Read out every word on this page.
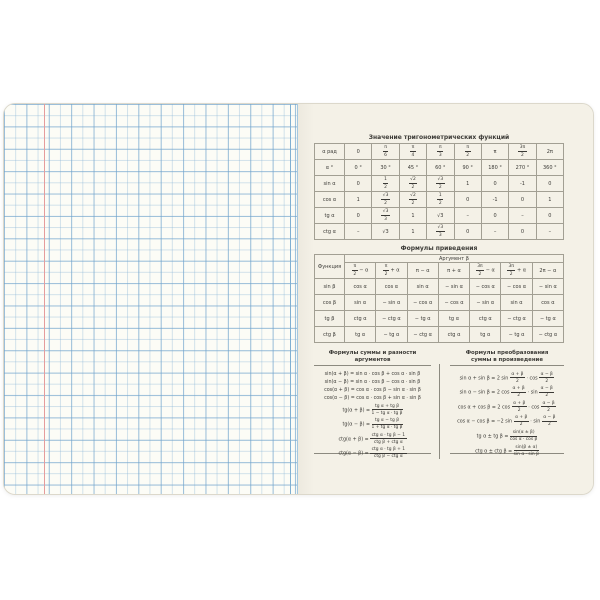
Значение тригонометрических функций
α рад	0	$\frac{\pi}{6}$	$\frac{\pi}{4}$	$\frac{\pi}{3}$	$\frac{\pi}{2}$	π	$\frac{3\pi}{2}$	2π
α °	0 °	30 °	45 °	60 °	90 °	180 °	270 °	360 °
sin α	0	$\frac{1}{2}$	$\frac{√2}{2}$	$\frac{√3}{2}$	1	0	-1	0
cos α	1	$\frac{√3}{2}$	$\frac{√2}{2}$	$\frac{1}{2}$	0	-1	0	1
tg α	0	$\frac{√3}{3}$	1	√3	–	0	–	0
ctg α	–	√3	1	$\frac{√3}{3}$	0	–	0	–
Формулы приведения
Функция	Аргумент β						

	$\frac{\pi}{2} - \alpha$	$\frac{\pi}{2} + \alpha$	π − α	π + α	$\frac{3\pi}{2} - \alpha$	$\frac{3\pi}{2} + \alpha$	2π − α
sin β	cos α	cos α	sin α	− sin α	− cos α	− cos α	− sin α
cos β	sin α	− sin α	− cos α	− cos α	− sin α	sin α	cos α
tg β	ctg α	− ctg α	− tg α	tg α	ctg α	− ctg α	− tg α
ctg β	tg α	− tg α	− ctg α	ctg α	tg α	− tg α	− ctg α
Формулы суммы и разности аргументов
sin(α + β) = sin α · cos β + cos α · sin β
sin(α − β) = sin α · cos β − cos α · sin β
cos(α + β) = cos α · cos β − sin α · sin β
cos(α − β) = cos α · cos β + sin α · sin β
$tg(\alpha + \beta) = \frac{\text{tg α + tg β}}{\text{1 − tg α · tg β}}$
$tg(\alpha - \beta) = \frac{\text{tg α − tg β}}{\text{1 + tg α · tg β}}$
ctg(α + β) =
ctg α · tg β − 1
ctg β + ctg α
ctg(α − β) =
ctg α · tg β + 1
ctg β − ctg α
Формулы преобразования
суммы в произведение
sin α + sin β = 2 $\sin \frac{\alpha + \beta}{2} \cdot \cos \frac{\alpha - \beta}{2}$
sin α − sin β = 2 $\cos \frac{\alpha + \beta}{2} \cdot \sin \frac{\alpha - \beta}{2}$
cos α + cos β = 2 $\cos \frac{\alpha + \beta}{2} \cdot \cos \frac{\alpha - \beta}{2}$
cos α − cos β = −2 $\sin \frac{\alpha + \beta}{2} \cdot \sin \frac{\alpha - \beta}{2}$
tg α ± tg $\beta = \frac{\sin(\alpha \pm \beta)}{\text{cos α · cos β}}$
ctg α ± ctg $\beta = \frac{\sin(\beta \pm \alpha)}{\text{sin α · sin β}}$
